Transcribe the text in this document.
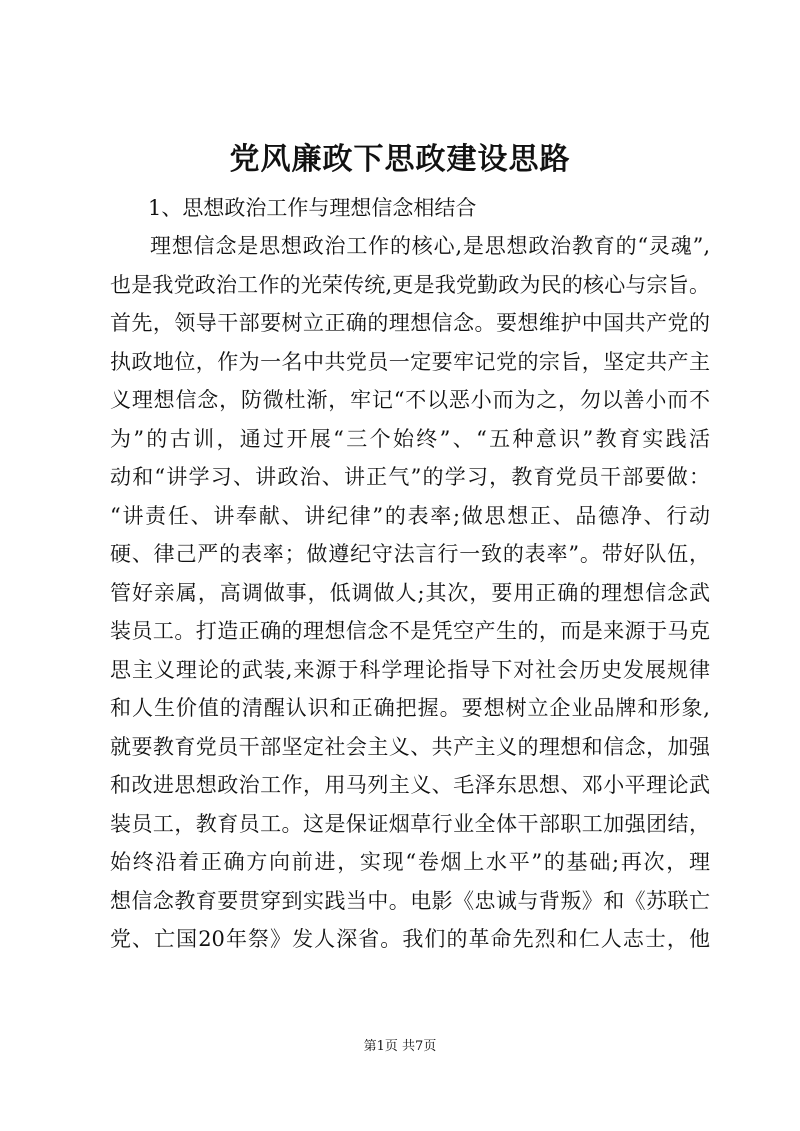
党风廉政下思政建设思路
1、思想政治工作与理想信念相结合
理想信念是思想政治工作的核心,是思想政治教育的“灵魂”,
也是我党政治工作的光荣传统,更是我党勤政为民的核心与宗旨。
首先，领导干部要树立正确的理想信念。要想维护中国共产党的
执政地位，作为一名中共党员一定要牢记党的宗旨，坚定共产主
义理想信念，防微杜渐，牢记“不以恶小而为之，勿以善小而不
为”的古训，通过开展“三个始终”、“五种意识”教育实践活
动和“讲学习、讲政治、讲正气”的学习，教育党员干部要做：
“讲责任、讲奉献、讲纪律”的表率;做思想正、品德净、行动
硬、律己严的表率；做遵纪守法言行一致的表率”。带好队伍，
管好亲属，高调做事，低调做人;其次，要用正确的理想信念武
装员工。打造正确的理想信念不是凭空产生的，而是来源于马克
思主义理论的武装,来源于科学理论指导下对社会历史发展规律
和人生价值的清醒认识和正确把握。要想树立企业品牌和形象,
就要教育党员干部坚定社会主义、共产主义的理想和信念，加强
和改进思想政治工作，用马列主义、毛泽东思想、邓小平理论武
装员工，教育员工。这是保证烟草行业全体干部职工加强团结，
始终沿着正确方向前进，实现“卷烟上水平”的基础;再次，理
想信念教育要贯穿到实践当中。电影《忠诚与背叛》和《苏联亡
党、亡国20年祭》发人深省。我们的革命先烈和仁人志士，他
第1页 共7页
